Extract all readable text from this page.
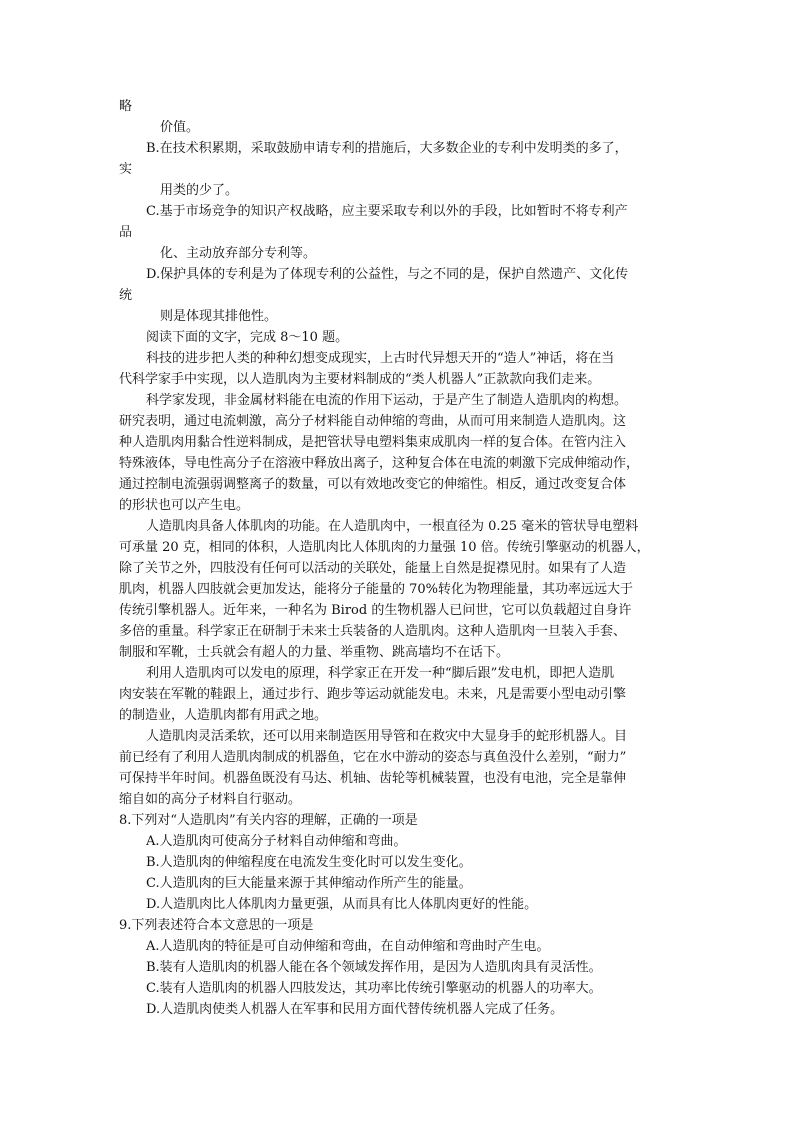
略
价值。
B.在技术积累期，采取鼓励申请专利的措施后，大多数企业的专利中发明类的多了，
实
用类的少了。
C.基于市场竞争的知识产权战略，应主要采取专利以外的手段，比如暂时不将专利产
品
化、主动放弃部分专利等。
D.保护具体的专利是为了体现专利的公益性，与之不同的是，保护自然遗产、文化传
统
则是体现其排他性。
阅读下面的文字，完成 8～10 题。
科技的进步把人类的种种幻想变成现实，上古时代异想天开的“造人”神话，将在当
代科学家手中实现，以人造肌肉为主要材料制成的“类人机器人”正款款向我们走来。
科学家发现，非金属材料能在电流的作用下运动，于是产生了制造人造肌肉的构想。
研究表明，通过电流刺激，高分子材料能自动伸缩的弯曲，从而可用来制造人造肌肉。这
种人造肌肉用黏合性逆料制成，是把管状导电塑料集束成肌肉一样的复合体。在管内注入
特殊液体，导电性高分子在溶液中释放出离子，这种复合体在电流的刺激下完成伸缩动作，
通过控制电流强弱调整离子的数量，可以有效地改变它的伸缩性。相反，通过改变复合体
的形状也可以产生电。
人造肌肉具备人体肌肉的功能。在人造肌肉中，一根直径为 0.25 毫米的管状导电塑料
可承量 20 克，相同的体积，人造肌肉比人体肌肉的力量强 10 倍。传统引擎驱动的机器人，
除了关节之外，四肢没有任何可以活动的关联处，能量上自然是捉襟见肘。如果有了人造
肌肉，机器人四肢就会更加发达，能将分子能量的 70%转化为物理能量，其功率远远大于
传统引擎机器人。近年来，一种名为 Birod 的生物机器人已问世，它可以负载超过自身许
多倍的重量。科学家正在研制于未来士兵装备的人造肌肉。这种人造肌肉一旦装入手套、
制服和军靴，士兵就会有超人的力量、举重物、跳高墙均不在话下。
利用人造肌肉可以发电的原理，科学家正在开发一种“脚后跟”发电机，即把人造肌
肉安装在军靴的鞋跟上，通过步行、跑步等运动就能发电。未来，凡是需要小型电动引擎
的制造业，人造肌肉都有用武之地。
人造肌肉灵活柔软，还可以用来制造医用导管和在救灾中大显身手的蛇形机器人。目
前已经有了利用人造肌肉制成的机器鱼，它在水中游动的姿态与真鱼没什么差别，“耐力”
可保持半年时间。机器鱼既没有马达、机轴、齿轮等机械装置，也没有电池，完全是靠伸
缩自如的高分子材料自行驱动。
8.下列对“人造肌肉”有关内容的理解，正确的一项是
A.人造肌肉可使高分子材料自动伸缩和弯曲。
B.人造肌肉的伸缩程度在电流发生变化时可以发生变化。
C.人造肌肉的巨大能量来源于其伸缩动作所产生的能量。
D.人造肌肉比人体肌肉力量更强，从而具有比人体肌肉更好的性能。
9.下列表述符合本文意思的一项是
A.人造肌肉的特征是可自动伸缩和弯曲，在自动伸缩和弯曲时产生电。
B.装有人造肌肉的机器人能在各个领域发挥作用，是因为人造肌肉具有灵活性。
C.装有人造肌肉的机器人四肢发达，其功率比传统引擎驱动的机器人的功率大。
D.人造肌肉使类人机器人在军事和民用方面代替传统机器人完成了任务。
